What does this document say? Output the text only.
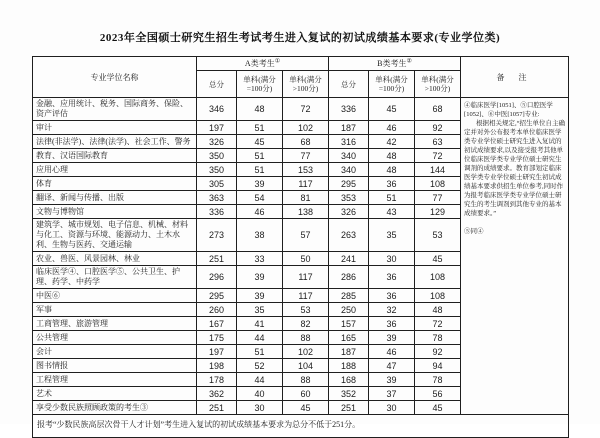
2023年全国硕士研究生招生考试考生进入复试的初试成绩基本要求(专业学位类)
专业学位名称	A类考生①			B类考生②			备 注
	总分	单科(满分 =100分)	单科(满分 >100分)	总分	单科(满分 =100分)	单科(满分 >100分)	
金融、应用统计、税务、国际商务、保险、资产评估	346	48	72	336	45	68	④临床医学[1051]、⑤口腔医学[1052]、⑥中医[1057]专业:
根据相关规定,“招生单位自主确定并对外公布报考本单位临床医学类专业学位硕士研究生进入复试的初试成绩要求,以及接受报考其他单位临床医学类专业学位硕士研究生调剂的成绩要求。教育部划定临床医学类专业学位硕士研究生初试成绩基本要求供招生单位参考,同时作为报考临床医学类专业学位硕士研究生的考生调剂到其他专业的基本成绩要求。”
⑤同④

审计	197	51	102	187	46	92	
法律(非法学)、法律(法学)、社会工作、警务	326	45	68	316	42	63	
教育、汉语国际教育	350	51	77	340	48	72	
应用心理	350	51	153	340	48	144	
体育	305	39	117	295	36	108	
翻译、新闻与传播、出版	363	54	81	353	51	77	
文物与博物馆	336	46	138	326	43	129	
建筑学、城市规划、电子信息、机械、材料与化工、资源与环境、能源动力、土木水利、生物与医药、交通运输	273	38	57	263	35	53	
农业、兽医、风景园林、林业	251	33	50	241	30	45	
临床医学④、口腔医学⑤、公共卫生、护理、药学、中药学	296	39	117	286	36	108	
中医⑥	295	39	117	285	36	108	
军事	260	35	53	250	32	48	
工商管理、旅游管理	167	41	82	157	36	72	
公共管理	175	44	88	165	39	78	
会计	197	51	102	187	46	92	
图书情报	198	52	104	188	47	94	
工程管理	178	44	88	168	39	78	
艺术	362	40	60	352	37	56	
享受少数民族照顾政策的考生③	251	30	45	251	30	45	
报考“少数民族高层次骨干人才计划”考生进入复试的初试成绩基本要求为总分不低于251分。							
